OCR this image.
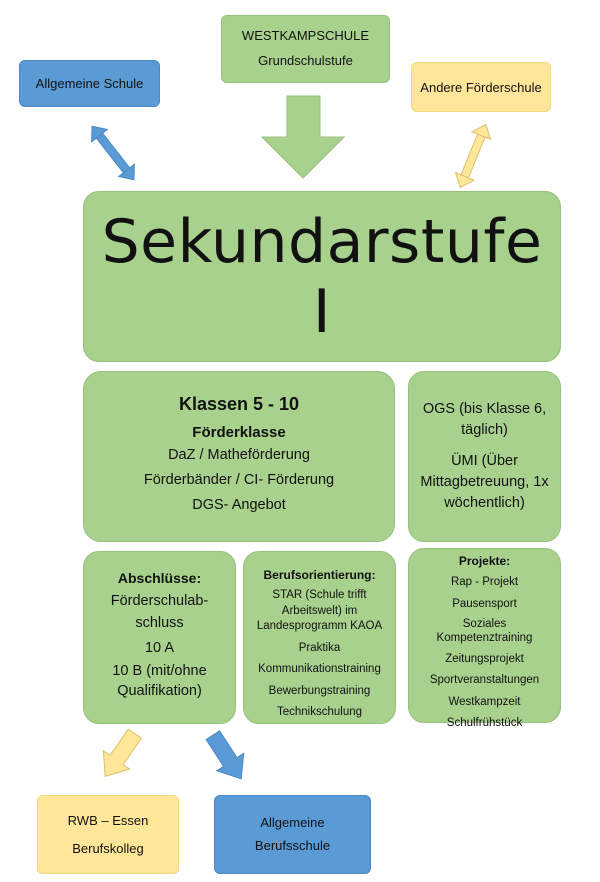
WESTKAMPSCHULE

Grundschulstufe

Allgemeine Schule	Andere Förderschule

Sekundarstufe I

Klassen 5 - 10

Förderklasse

DaZ / Matheförderung

Förderbänder / CI- Förderung

DGS- Angebot

OGS (bis Klasse 6, täglich)

ÜMI (Über Mittagbetreuung, 1x wöchentlich)

Abschlüsse:

Förderschulab-schluss

10 A

10 B (mit/ohne Qualifikation)

Berufsorientierung:

STAR (Schule trifft Arbeitswelt) im Landesprogramm KAOA

Praktika

Kommunikationstraining

Bewerbungstraining

Technikschulung

Projekte:

Rap - Projekt

Pausensport

Soziales Kompetenztraining

Zeitungsprojekt

Sportveranstaltungen

Westkampzeit

Schulfrühstück

RWB – Essen

Berufskolleg

Allgemeine Berufsschule
